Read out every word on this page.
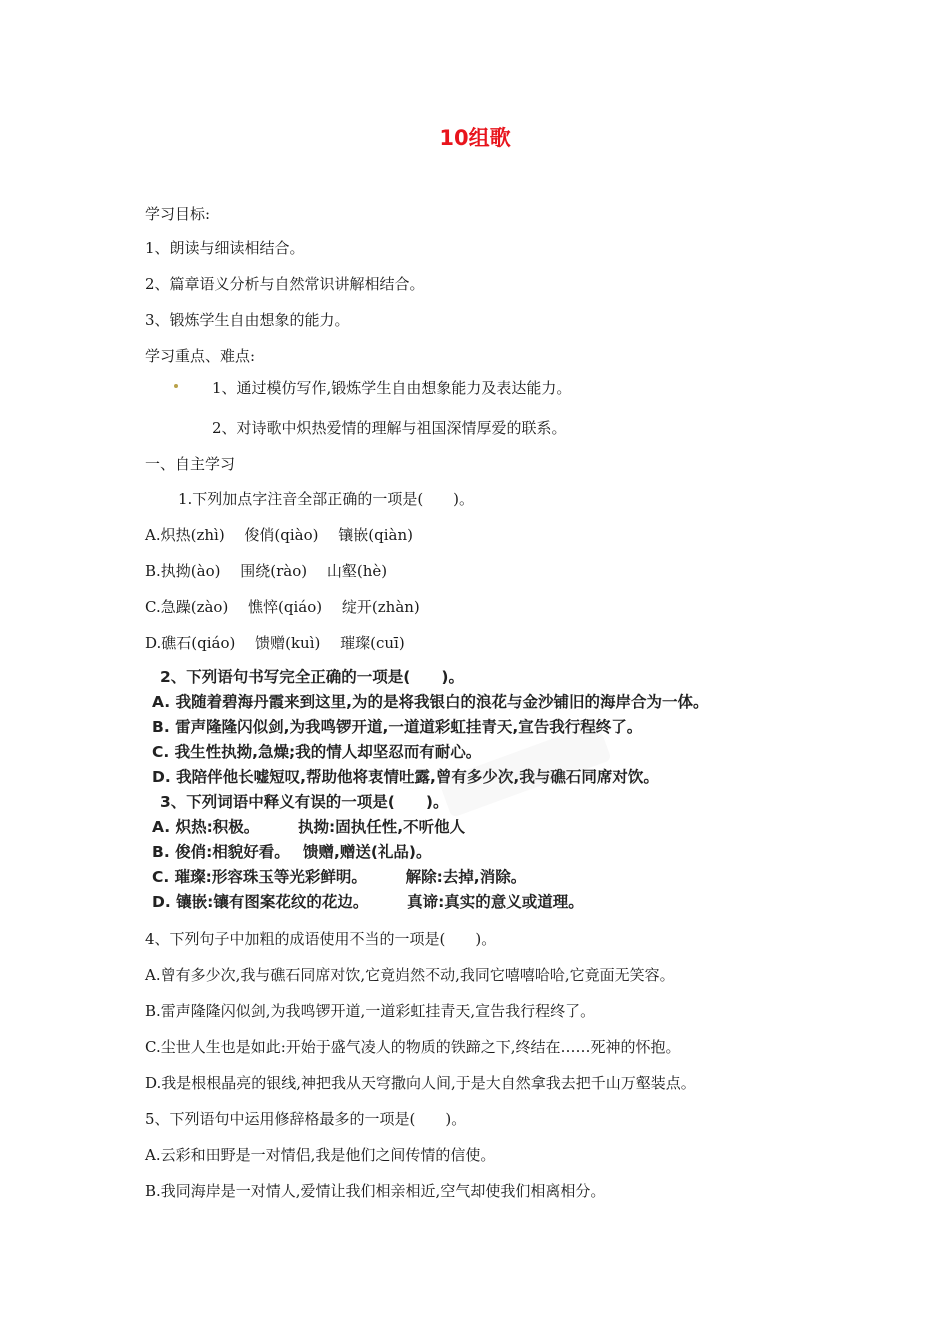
10组歌
学习目标:
1、朗读与细读相结合。
2、篇章语义分析与自然常识讲解相结合。
3、锻炼学生自由想象的能力。
学习重点、难点:
1、通过模仿写作,锻炼学生自由想象能力及表达能力。
2、对诗歌中炽热爱情的理解与祖国深情厚爱的联系。
一、自主学习
1.下列加点字注音全部正确的一项是(　　)。
A.炽热(zhì)　 俊俏(qiào)　 镶嵌(qiàn)
B.执拗(ào)　 围绕(rào)　 山壑(hè)
C.急躁(zào)　 憔悴(qiáo)　 绽开(zhàn)
D.礁石(qiáo)　 馈赠(kuì)　 璀璨(cuī)
2、下列语句书写完全正确的一项是(　　)。
A. 我随着碧海丹霞来到这里,为的是将我银白的浪花与金沙铺旧的海岸合为一体。
B. 雷声隆隆闪似剑,为我鸣锣开道,一道道彩虹挂青天,宣告我行程终了。
C. 我生性执拗,急燥;我的情人却坚忍而有耐心。
D. 我陪伴他长嘘短叹,帮助他将衷情吐露,曾有多少次,我与礁石同席对饮。
3、下列词语中释义有误的一项是(　　)。
A. 炽热:积极。　　　执拗:固执任性,不听他人
B. 俊俏:相貌好看。　 馈赠,赠送(礼品)。
C. 璀璨:形容珠玉等光彩鲜明。　　　解除:去掉,消除。
D. 镶嵌:镶有图案花纹的花边。　　　真谛:真实的意义或道理。
4、下列句子中加粗的成语使用不当的一项是(　　)。
A.曾有多少次,我与礁石同席对饮,它竟岿然不动,我同它嘻嘻哈哈,它竟面无笑容。
B.雷声隆隆闪似剑,为我鸣锣开道,一道彩虹挂青天,宣告我行程终了。
C.尘世人生也是如此:开始于盛气凌人的物质的铁蹄之下,终结在……死神的怀抱。
D.我是根根晶亮的银线,神把我从天穹撒向人间,于是大自然拿我去把千山万壑装点。
5、下列语句中运用修辞格最多的一项是(　　)。
A.云彩和田野是一对情侣,我是他们之间传情的信使。
B.我同海岸是一对情人,爱情让我们相亲相近,空气却使我们相离相分。
